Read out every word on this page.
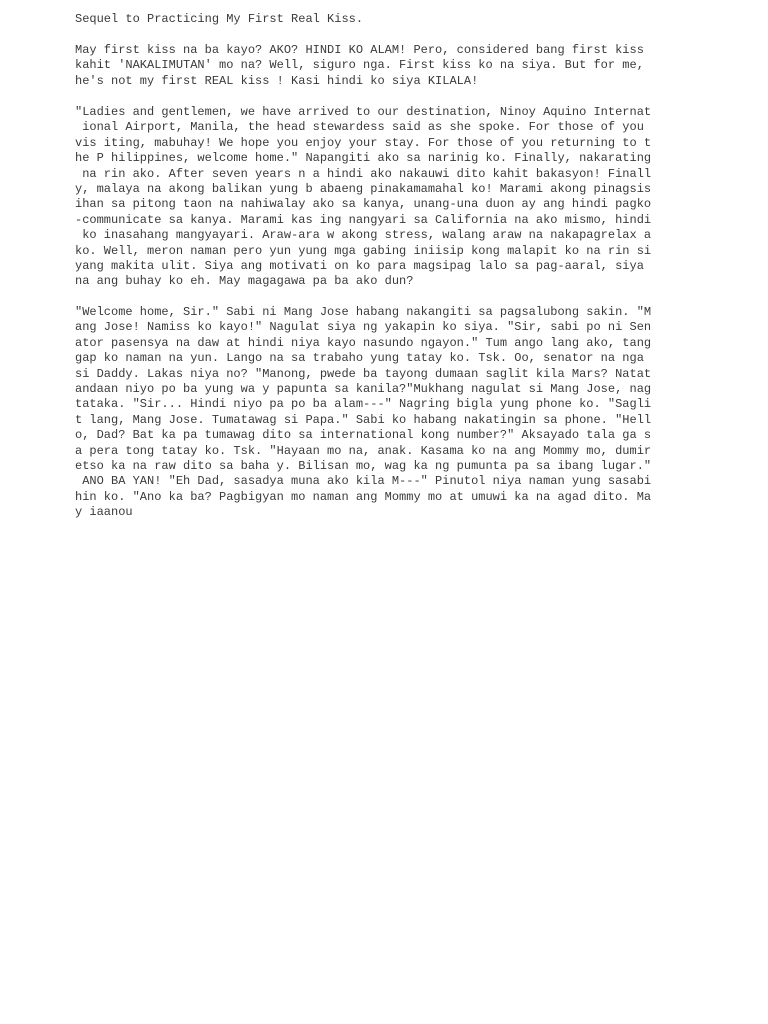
Sequel to Practicing My First Real Kiss.
May first kiss na ba kayo? AKO? HINDI KO ALAM! Pero, considered bang first kiss
kahit 'NAKALIMUTAN' mo na? Well, siguro nga. First kiss ko na siya. But for me,
he's not my first REAL kiss ! Kasi hindi ko siya KILALA!
"Ladies and gentlemen, we have arrived to our destination, Ninoy Aquino Internat
ional Airport, Manila, the head stewardess said as she spoke. For those of you
vis iting, mabuhay! We hope you enjoy your stay. For those of you returning to t
he P hilippines, welcome home." Napangiti ako sa narinig ko. Finally, nakarating
na rin ako. After seven years n a hindi ako nakauwi dito kahit bakasyon! Finall
y, malaya na akong balikan yung b abaeng pinakamamahal ko! Marami akong pinagsis
ihan sa pitong taon na nahiwalay ako sa kanya, unang-una duon ay ang hindi pagko
-communicate sa kanya. Marami kas ing nangyari sa California na ako mismo, hindi
ko inasahang mangyayari. Araw-ara w akong stress, walang araw na nakapagrelax a
ko. Well, meron naman pero yun yung mga gabing iniisip kong malapit ko na rin si
yang makita ulit. Siya ang motivati on ko para magsipag lalo sa pag-aaral, siya
na ang buhay ko eh. May magagawa pa ba ako dun?
"Welcome home, Sir." Sabi ni Mang Jose habang nakangiti sa pagsalubong sakin. "M
ang Jose! Namiss ko kayo!" Nagulat siya ng yakapin ko siya. "Sir, sabi po ni Sen
ator pasensya na daw at hindi niya kayo nasundo ngayon." Tum ango lang ako, tang
gap ko naman na yun. Lango na sa trabaho yung tatay ko. Tsk. Oo, senator na nga
si Daddy. Lakas niya no? "Manong, pwede ba tayong dumaan saglit kila Mars? Natat
andaan niyo po ba yung wa y papunta sa kanila?"Mukhang nagulat si Mang Jose, nag
tataka. "Sir... Hindi niyo pa po ba alam---" Nagring bigla yung phone ko. "Sagli
t lang, Mang Jose. Tumatawag si Papa." Sabi ko habang nakatingin sa phone. "Hell
o, Dad? Bat ka pa tumawag dito sa international kong number?" Aksayado tala ga s
a pera tong tatay ko. Tsk. "Hayaan mo na, anak. Kasama ko na ang Mommy mo, dumir
etso ka na raw dito sa baha y. Bilisan mo, wag ka ng pumunta pa sa ibang lugar."
ANO BA YAN! "Eh Dad, sasadya muna ako kila M---" Pinutol niya naman yung sasabi
hin ko. "Ano ka ba? Pagbigyan mo naman ang Mommy mo at umuwi ka na agad dito. Ma
y iaanou
